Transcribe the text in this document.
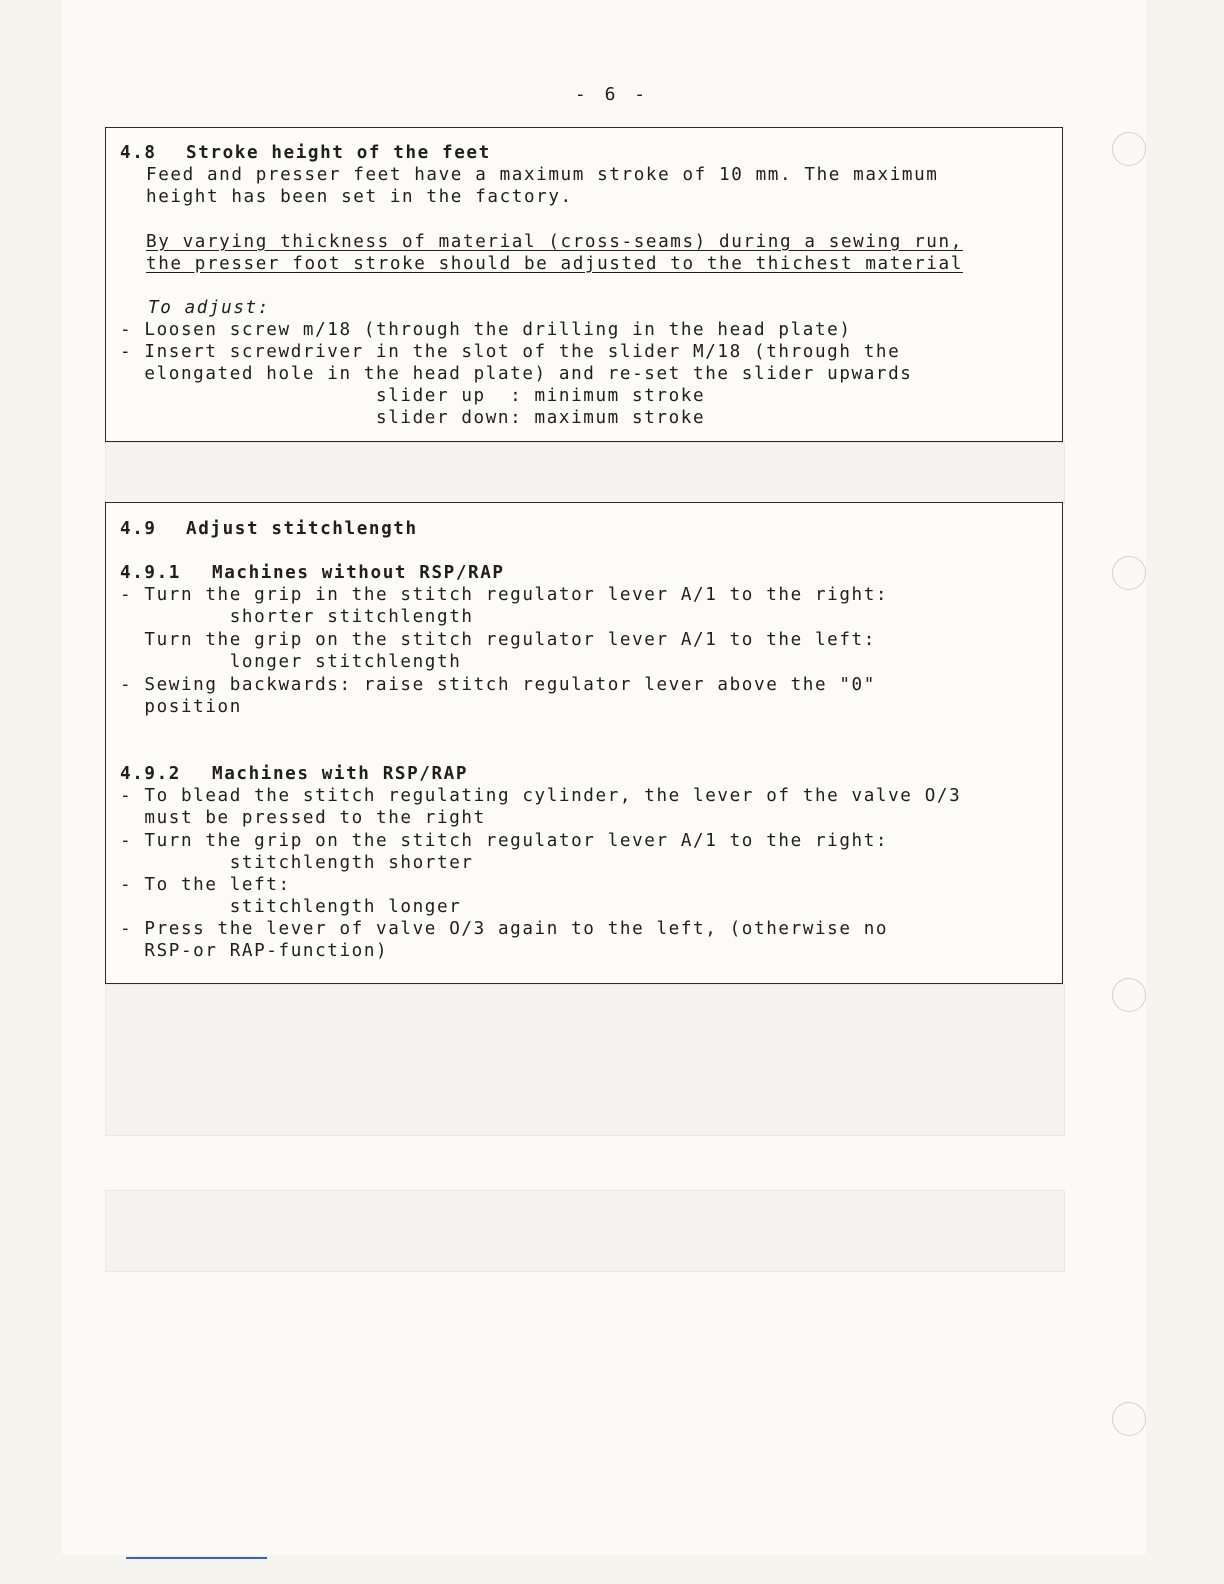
- 6 -
4.8 Stroke height of the feet
Feed and presser feet have a maximum stroke of 10 mm. The maximum
height has been set in the factory.
By varying thickness of material (cross-seams) during a sewing run,
the presser foot stroke should be adjusted to the thichest material
To adjust:
- Loosen screw m/18 (through the drilling in the head plate)
- Insert screwdriver in the slot of the slider M/18 (through the
elongated hole in the head plate) and re-set the slider upwards
slider up  : minimum stroke
slider down: maximum stroke
4.9 Adjust stitchlength
4.9.1 Machines without RSP/RAP
- Turn the grip in the stitch regulator lever A/1 to the right:
shorter stitchlength
Turn the grip on the stitch regulator lever A/1 to the left:
longer stitchlength
- Sewing backwards: raise stitch regulator lever above the "0"
position
4.9.2 Machines with RSP/RAP
- To blead the stitch regulating cylinder, the lever of the valve O/3
must be pressed to the right
- Turn the grip on the stitch regulator lever A/1 to the right:
stitchlength shorter
- To the left:
stitchlength longer
- Press the lever of valve O/3 again to the left, (otherwise no
RSP-or RAP-function)
